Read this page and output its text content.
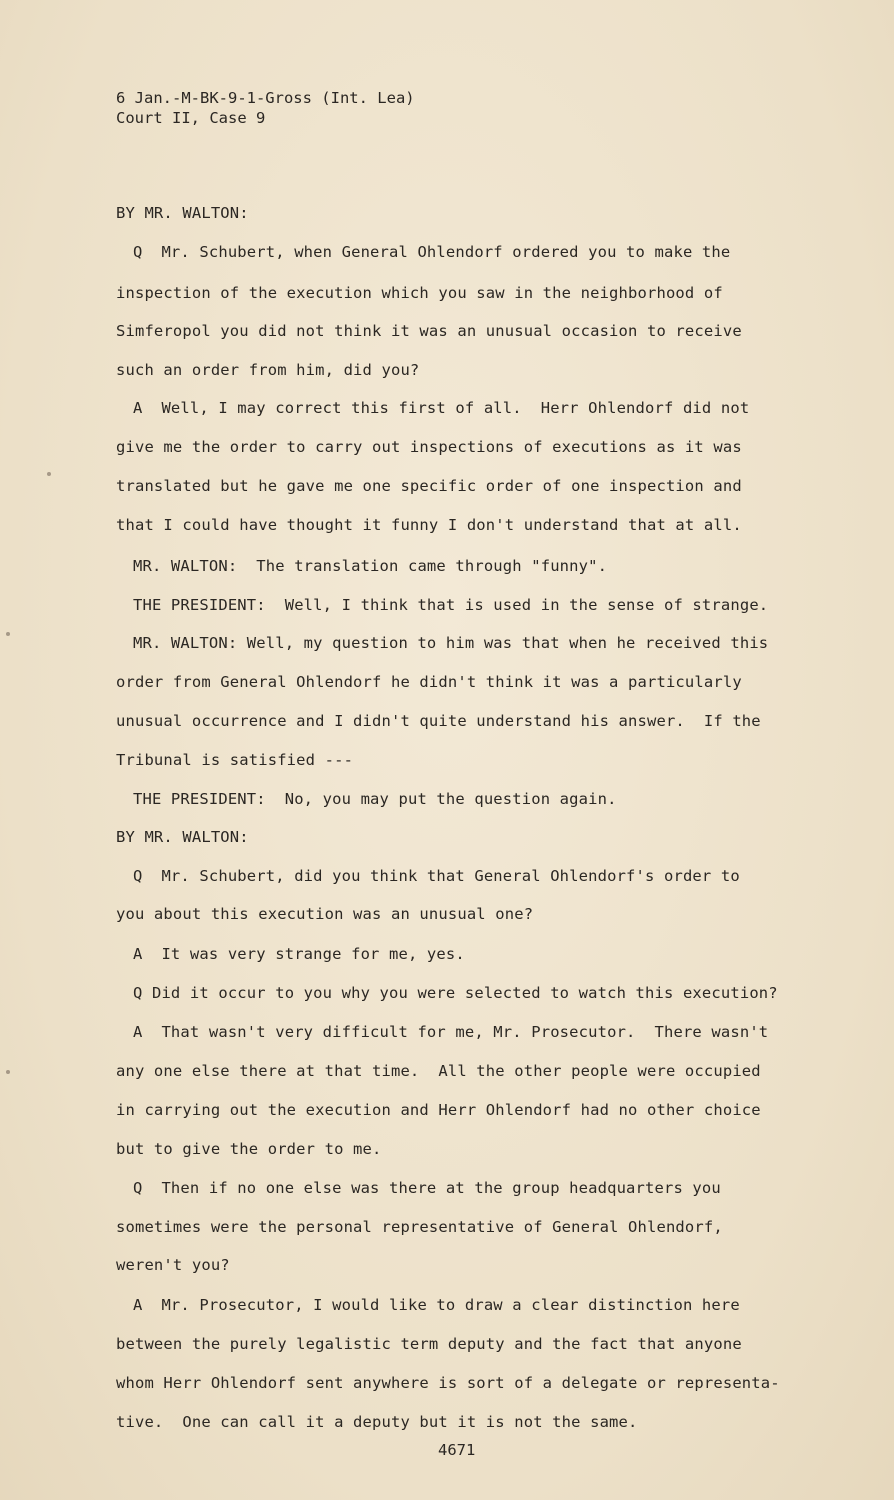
6 Jan.-M-BK-9-1-Gross (Int. Lea)
Court II, Case 9
BY MR. WALTON:
Q  Mr. Schubert, when General Ohlendorf ordered you to make the
inspection of the execution which you saw in the neighborhood of
Simferopol you did not think it was an unusual occasion to receive
such an order from him, did you?
A  Well, I may correct this first of all.  Herr Ohlendorf did not
give me the order to carry out inspections of executions as it was
translated but he gave me one specific order of one inspection and
that I could have thought it funny I don't understand that at all.
MR. WALTON:  The translation came through "funny".
THE PRESIDENT:  Well, I think that is used in the sense of strange.
MR. WALTON: Well, my question to him was that when he received this
order from General Ohlendorf he didn't think it was a particularly
unusual occurrence and I didn't quite understand his answer.  If the
Tribunal is satisfied ---
THE PRESIDENT:  No, you may put the question again.
BY MR. WALTON:
Q  Mr. Schubert, did you think that General Ohlendorf's order to
you about this execution was an unusual one?
A  It was very strange for me, yes.
Q Did it occur to you why you were selected to watch this execution?
A  That wasn't very difficult for me, Mr. Prosecutor.  There wasn't
any one else there at that time.  All the other people were occupied
in carrying out the execution and Herr Ohlendorf had no other choice
but to give the order to me.
Q  Then if no one else was there at the group headquarters you
sometimes were the personal representative of General Ohlendorf,
weren't you?
A  Mr. Prosecutor, I would like to draw a clear distinction here
between the purely legalistic term deputy and the fact that anyone
whom Herr Ohlendorf sent anywhere is sort of a delegate or representa-
tive.  One can call it a deputy but it is not the same.
4671
